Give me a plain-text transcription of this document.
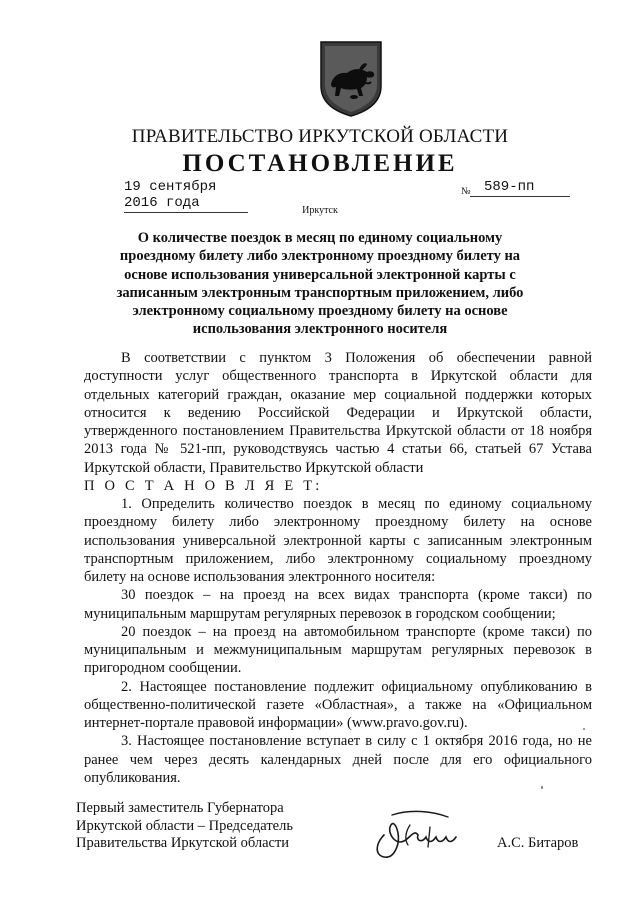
ПРАВИТЕЛЬСТВО ИРКУТСКОЙ ОБЛАСТИ
ПОСТАНОВЛЕНИЕ
19 сентября 2016 года
№ 589-пп
Иркутск
О количестве поездок в месяц по единому социальному проездному билету либо электронному проездному билету на основе использования универсальной электронной карты с записанным электронным транспортным приложением, либо электронному социальному проездному билету на основе использования электронного носителя

В соответствии с пунктом 3 Положения об обеспечении равной доступности услуг общественного транспорта в Иркутской области для отдельных категорий граждан, оказание мер социальной поддержки которых относится к ведению Российской Федерации и Иркутской области, утвержденного постановлением Правительства Иркутской области от 18 ноября 2013 года № 521-пп, руководствуясь частью 4 статьи 66, статьей 67 Устава Иркутской области, Правительство Иркутской области

П О С Т А Н О В Л Я Е Т:

1. Определить количество поездок в месяц по единому социальному проездному билету либо электронному проездному билету на основе использования универсальной электронной карты с записанным электронным транспортным приложением, либо электронному социальному проездному билету на основе использования электронного носителя:

30 поездок – на проезд на всех видах транспорта (кроме такси) по муниципальным маршрутам регулярных перевозок в городском сообщении;

20 поездок – на проезд на автомобильном транспорте (кроме такси) по муниципальным и межмуниципальным маршрутам регулярных перевозок в пригородном сообщении.

2. Настоящее постановление подлежит официальному опубликованию в общественно-политической газете «Областная», а также на «Официальном интернет-портале правовой информации» (www.pravo.gov.ru).

3. Настоящее постановление вступает в силу с 1 октября 2016 года, но не ранее чем через десять календарных дней после для его официального опубликования.

Первый заместитель Губернатора
Иркутской области – Председатель
Правительства Иркутской области	А.С. Битаров
